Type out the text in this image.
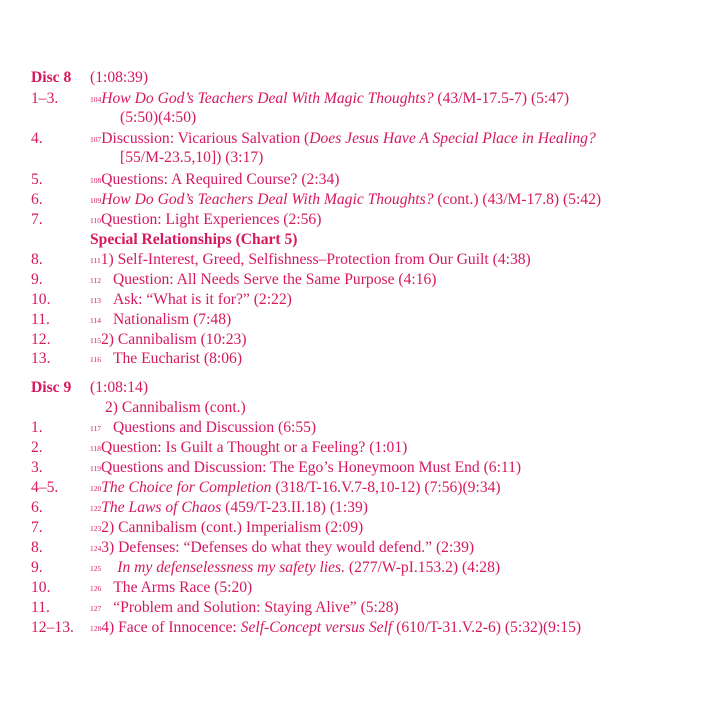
Disc 8 (1:08:39)
1–3.	$^{104}$How Do God’s Teachers Deal With Magic Thoughts? (43/M-17.5-7) (5:47)
(5:50)(4:50)
4.	$^{107}$Discussion: Vicarious Salvation (Does Jesus Have A Special Place in Healing?
[55/M-23.5,10]) (3:17)
5.	$^{108}$Questions: A Required Course? (2:34)
6.	$^{109}$How Do God’s Teachers Deal With Magic Thoughts? (cont.) (43/M-17.8) (5:42)
7.	$^{110}$Question: Light Experiences (2:56)
Special Relationships (Chart 5)
8.	$^{111}$1) Self-Interest, Greed, Selfishness–Protection from Our Guilt (4:38)
9.	$^{112}$ Question: All Needs Serve the Same Purpose (4:16)
10.	$^{113}$ Ask: “What is it for?” (2:22)
11.	$^{114}$ Nationalism (7:48)
12.	$^{115}$2) Cannibalism (10:23)
13.	$^{116}$ The Eucharist (8:06)
Disc 9 (1:08:14)
2) Cannibalism (cont.)
1.	$^{117}$ Questions and Discussion (6:55)
2.	$^{118}$Question: Is Guilt a Thought or a Feeling? (1:01)
3.	$^{119}$Questions and Discussion: The Ego’s Honeymoon Must End (6:11)
4–5.	$^{120}$The Choice for Completion (318/T-16.V.7-8,10-12) (7:56)(9:34)
6.	$^{122}$The Laws of Chaos (459/T-23.II.18) (1:39)
7.	$^{123}$2) Cannibalism (cont.) Imperialism (2:09)
8.	$^{124}$3) Defenses: “Defenses do what they would defend.” (2:39)
9.	$^{125}$ In my defenselessness my safety lies. (277/W-pI.153.2) (4:28)
10.	$^{126}$ The Arms Race (5:20)
11.	$^{127}$ “Problem and Solution: Staying Alive” (5:28)
12–13. $^{128}$4) Face of Innocence: Self-Concept versus Self (610/T-31.V.2-6) (5:32)(9:15)
